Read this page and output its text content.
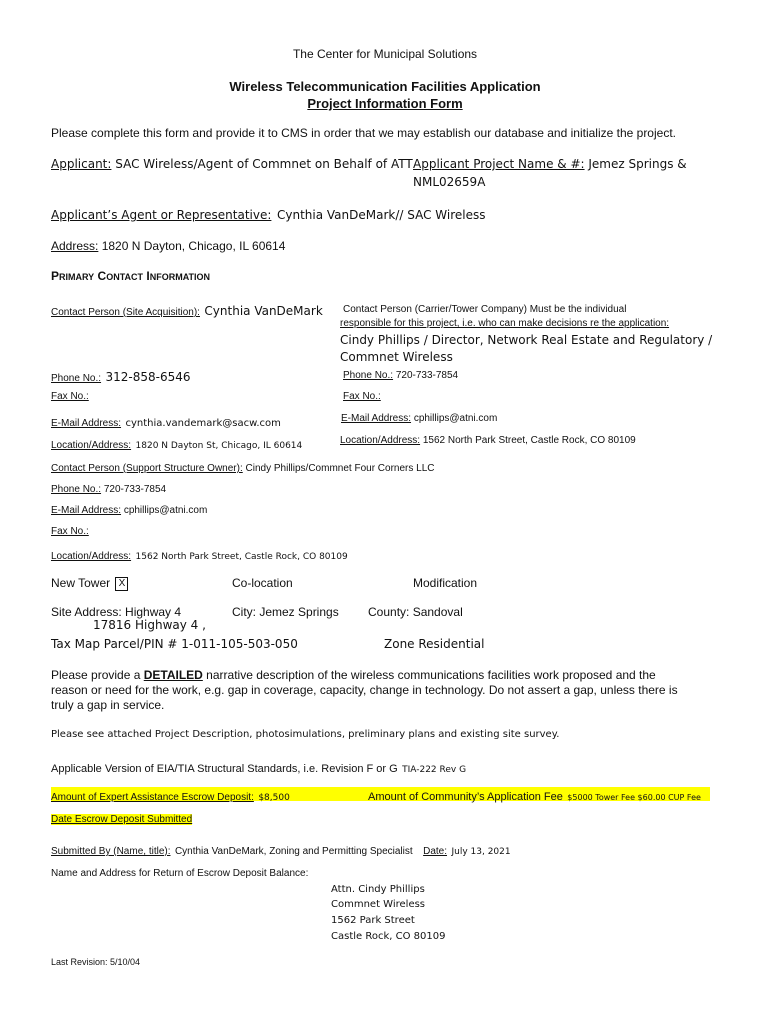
The Center for Municipal Solutions
Wireless Telecommunication Facilities Application
Project Information Form
Please complete this form and provide it to CMS in order that we may establish our database and initialize the project.
Applicant: SAC Wireless/Agent of Commnet on Behalf of ATT Applicant Project Name & #: Jemez Springs &
NML02659A
Applicant’s Agent or Representative: Cynthia VanDeMark// SAC Wireless
Address: 1820 N Dayton, Chicago, IL 60614
PRIMARY CONTACT INFORMATION
Contact Person (Site Acquisition): Cynthia VanDeMark
Phone No.: 312-858-6546
Fax No.:
E-Mail Address: cynthia.vandemark@sacw.com
Location/Address: 1820 N Dayton St, Chicago, IL 60614
Contact Person (Carrier/Tower Company) Must be the individual
responsible for this project, i.e. who can make decisions re the application:
Cindy Phillips / Director, Network Real Estate and Regulatory /
Commnet Wireless
Phone No.: 720-733-7854
Fax No.:
E-Mail Address: cphillips@atni.com
Location/Address: 1562 North Park Street, Castle Rock, CO 80109
Contact Person (Support Structure Owner): Cindy Phillips/Commnet Four Corners LLC
Phone No.: 720-733-7854
E-Mail Address: cphillips@atni.com
Fax No.:
Location/Address: 1562 North Park Street, Castle Rock, CO 80109
New Tower X	Co-location	Modification
Site Address: Highway 4
17816 Highway 4 ,
City: Jemez Springs County: Sandoval
Tax Map Parcel/PIN # 1-011-105-503-050	Zone Residential
Please provide a DETAILED narrative description of the wireless communications facilities work proposed and the
reason or need for the work, e.g. gap in coverage, capacity, change in technology. Do not assert a gap, unless there is
truly a gap in service.
Please see attached Project Description, photosimulations, preliminary plans and existing site survey.
Applicable Version of EIA/TIA Structural Standards, i.e. Revision F or G TIA-222 Rev G
Amount of Expert Assistance Escrow Deposit: $8,500	Amount of Community’s Application Fee $5000 Tower Fee $60.00 CUP Fee
Date Escrow Deposit Submitted
Submitted By (Name, title): Cynthia VanDeMark, Zoning and Permitting Specialist Date: July 13, 2021
Name and Address for Return of Escrow Deposit Balance:
Attn. Cindy Phillips
Commnet Wireless
1562 Park Street
Castle Rock, CO 80109
Last Revision: 5/10/04
